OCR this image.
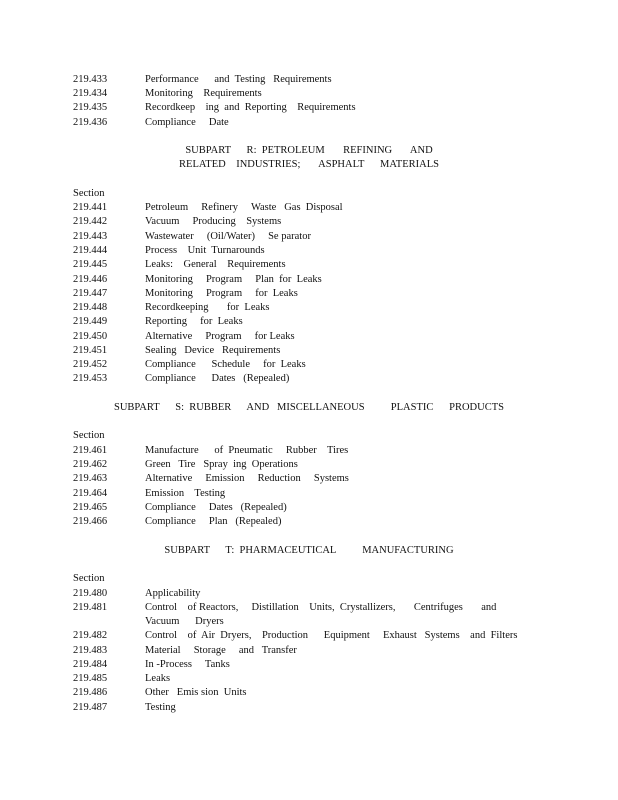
219.433

	Performance      and  Testing   Requirements

219.434

	Monitoring    Requirements

219.435

	Recordkeep    ing  and  Reporting    Requirements

219.436

	Compliance     Date

SUBPART      R:  PETROLEUM       REFINING       AND
RELATED    INDUSTRIES;       ASPHALT      MATERIALS

Section

219.441

	Petroleum     Refinery     Waste   Gas  Disposal

219.442

	Vacuum     Producing    Systems

219.443

	Wastewater     (Oil/Water)     Se parator

219.444

	Process    Unit  Turnarounds

219.445

	Leaks:    General    Requirements

219.446

	Monitoring     Program     Plan  for  Leaks

219.447

	Monitoring     Program     for  Leaks

219.448

	Recordkeeping       for  Leaks

219.449

	Reporting     for  Leaks

219.450

	Alternative     Program     for Leaks

219.451

	Sealing   Device   Requirements

219.452

	Compliance      Schedule     for  Leaks

219.453

	Compliance      Dates   (Repealed)

SUBPART      S:  RUBBER      AND   MISCELLANEOUS          PLASTIC      PRODUCTS

Section

219.461

	Manufacture      of  Pneumatic     Rubber    Tires

219.462

	Green   Tire   Spray  ing  Operations

219.463

	Alternative     Emission     Reduction     Systems

219.464

	Emission    Testing

219.465

	Compliance     Dates   (Repealed)

219.466

	Compliance     Plan   (Repealed)

SUBPART      T:  PHARMACEUTICAL          MANUFACTURING

Section

219.480

	Applicability

219.481

	Control    of Reactors,     Distillation    Units,  Crystallizers,       Centrifuges       and

Vacuum      Dryers

219.482

	Control    of  Air  Dryers,    Production      Equipment     Exhaust   Systems    and  Filters

219.483

	Material     Storage     and   Transfer

219.484

	In -Process     Tanks

219.485

	Leaks

219.486

	Other   Emis sion  Units

219.487

	Testing
